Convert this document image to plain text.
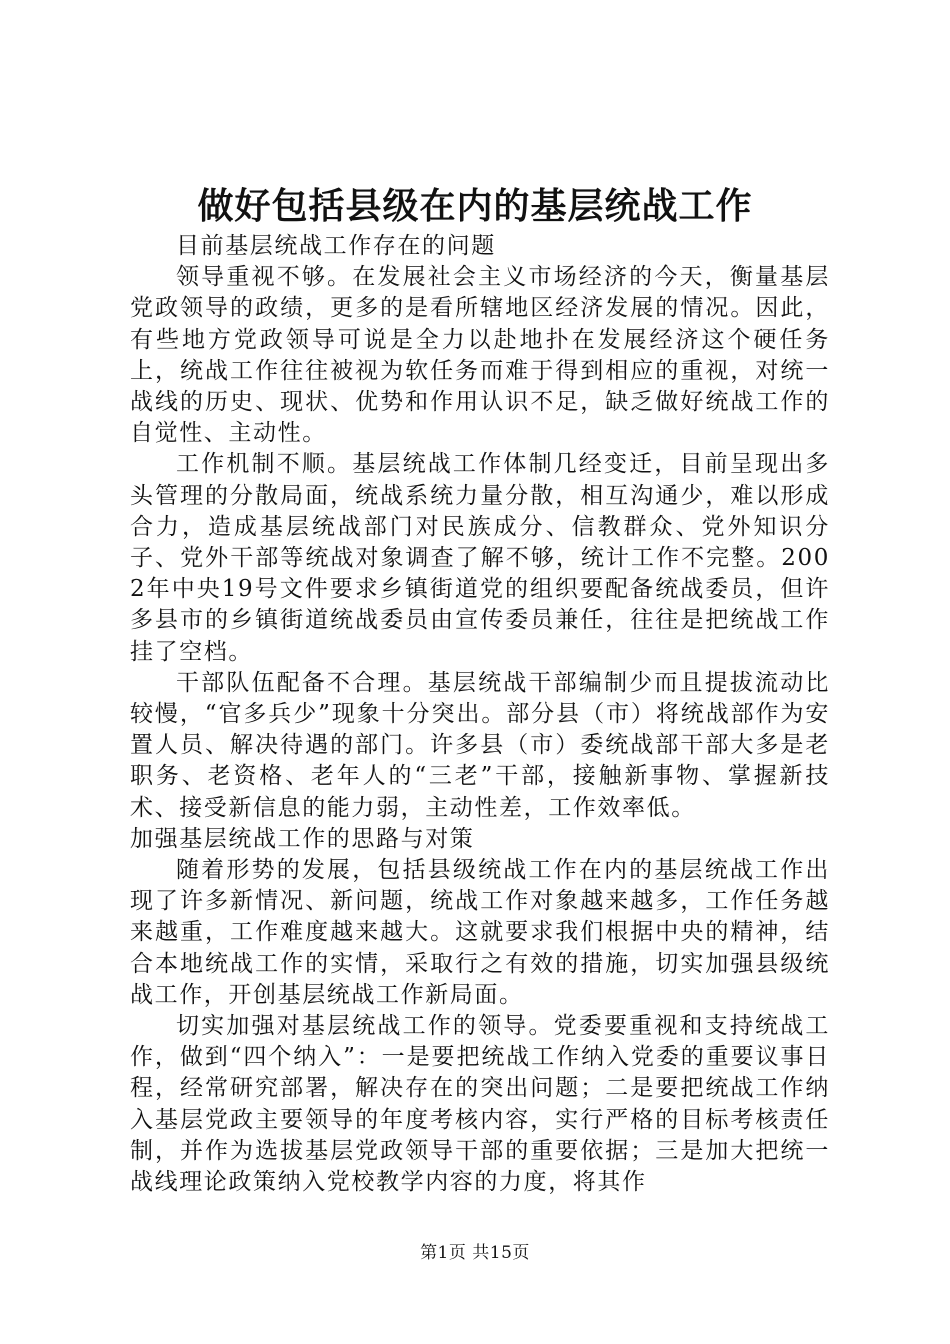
做好包括县级在内的基层统战工作

目前基层统战工作存在的问题

领导重视不够。在发展社会主义市场经济的今天，衡量基层党政领导的政绩，更多的是看所辖地区经济发展的情况。因此，有些地方党政领导可说是全力以赴地扑在发展经济这个硬任务上，统战工作往往被视为软任务而难于得到相应的重视，对统一战线的历史、现状、优势和作用认识不足，缺乏做好统战工作的自觉性、主动性。

工作机制不顺。基层统战工作体制几经变迁，目前呈现出多头管理的分散局面，统战系统力量分散，相互沟通少，难以形成合力，造成基层统战部门对民族成分、信教群众、党外知识分子、党外干部等统战对象调查了解不够，统计工作不完整。2002年中央19号文件要求乡镇街道党的组织要配备统战委员，但许多县市的乡镇街道统战委员由宣传委员兼任，往往是把统战工作挂了空档。

干部队伍配备不合理。基层统战干部编制少而且提拔流动比较慢，“官多兵少”现象十分突出。部分县（市）将统战部作为安置人员、解决待遇的部门。许多县（市）委统战部干部大多是老职务、老资格、老年人的“三老”干部，接触新事物、掌握新技术、接受新信息的能力弱，主动性差，工作效率低。

加强基层统战工作的思路与对策

随着形势的发展，包括县级统战工作在内的基层统战工作出现了许多新情况、新问题，统战工作对象越来越多，工作任务越来越重，工作难度越来越大。这就要求我们根据中央的精神，结合本地统战工作的实情，采取行之有效的措施，切实加强县级统战工作，开创基层统战工作新局面。

切实加强对基层统战工作的领导。党委要重视和支持统战工作，做到“四个纳入”：一是要把统战工作纳入党委的重要议事日程，经常研究部署，解决存在的突出问题；二是要把统战工作纳入基层党政主要领导的年度考核内容，实行严格的目标考核责任制，并作为选拔基层党政领导干部的重要依据；三是加大把统一战线理论政策纳入党校教学内容的力度，将其作

第1页 共15页
